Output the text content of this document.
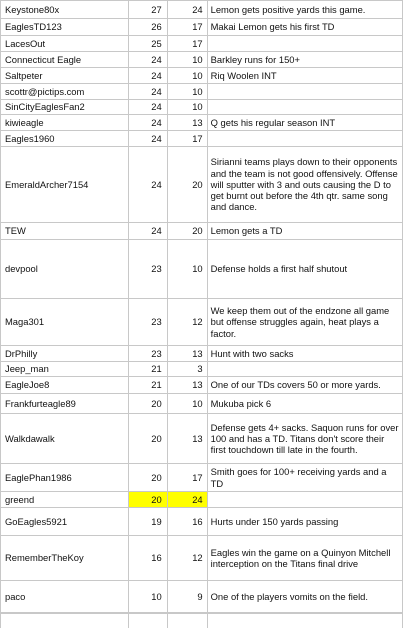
Keystone80x	27	24	Lemon gets positive yards this game.
EaglesTD123	26	17	Makai Lemon gets his first TD
LacesOut	25	17	
Connecticut Eagle	24	10	Barkley runs for 150+
Saltpeter	24	10	Riq Woolen INT
scottr@pictips.com	24	10	
SinCityEaglesFan2	24	10	
kiwieagle	24	13	Q gets his regular season INT
Eagles1960	24	17	
EmeraldArcher7154	24	20	Sirianni teams plays down to their opponents and the team is not good offensively. Offense will sputter with 3 and outs causing the D to get burnt out before the 4th qtr. same song and dance.
TEW	24	20	Lemon gets a TD
devpool	23	10	Defense holds a first half shutout
Maga301	23	12	We keep them out of the endzone all game but offense struggles again, heat plays a factor.
DrPhilly	23	13	Hunt with two sacks
Jeep_man	21	3	
EagleJoe8	21	13	One of our TDs covers 50 or more yards.
Frankfurteagle89	20	10	Mukuba pick 6
Walkdawalk	20	13	Defense gets 4+ sacks. Saquon runs for over 100 and has a TD. Titans don't score their first touchdown till late in the fourth.
EaglePhan1986	20	17	Smith goes for 100+ receiving yards and a TD
greend	20	24	
GoEagles5921	19	16	Hurts under 150 yards passing
RememberTheKoy	16	12	Eagles win the game on a Quinyon Mitchell interception on the Titans final drive
paco	10	9	One of the players vomits on the field.
